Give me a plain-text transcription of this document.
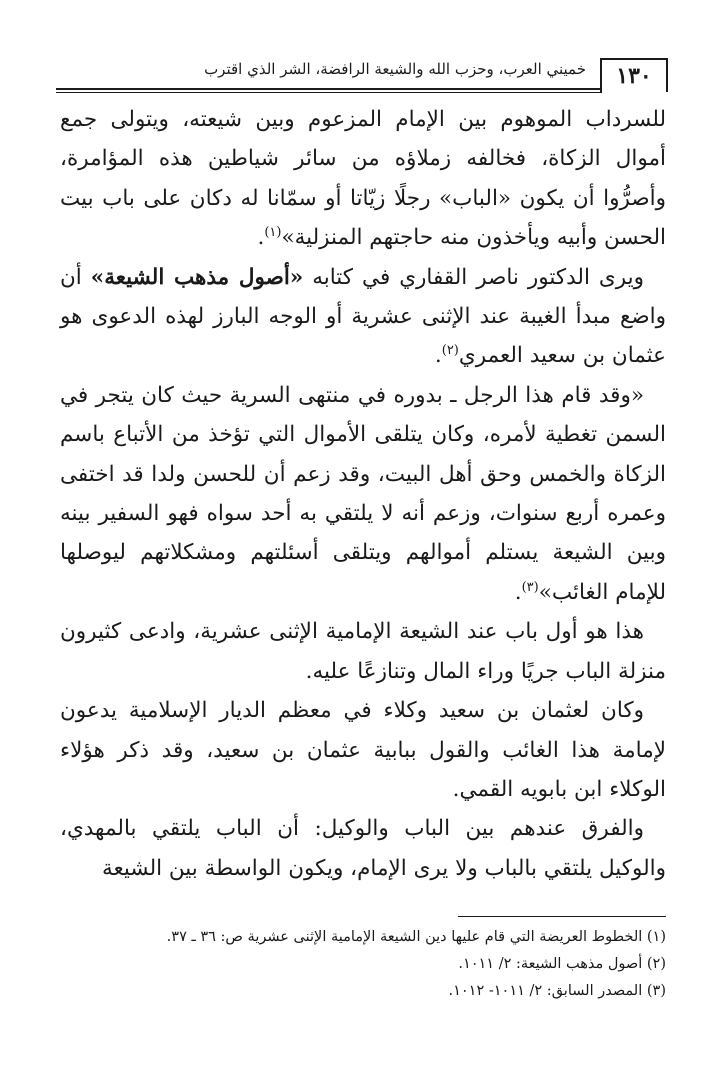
١٣٠
خميني العرب، وحزب الله والشيعة الرافضة، الشر الذي اقترب

للسرداب الموهوم بين الإمام المزعوم وبين شيعته، ويتولى جمع أموال الزكاة، فخالفه زملاؤه من سائر شياطين هذه المؤامرة، وأصرُّوا أن يكون «الباب» رجلًا زيّاتا أو سمّانا له دكان على باب بيت الحسن وأبيه ويأخذون منه حاجتهم المنزلية»$^{(١)}$.

ويرى الدكتور ناصر القفاري في كتابه «أصول مذهب الشيعة» أن واضع مبدأ الغيبة عند الإثنى عشرية أو الوجه البارز لهذه الدعوى هو عثمان بن سعيد العمري$^{(٢)}$.

«وقد قام هذا الرجل ـ بدوره في منتهى السرية حيث كان يتجر في السمن تغطية لأمره، وكان يتلقى الأموال التي تؤخذ من الأتباع باسم الزكاة والخمس وحق أهل البيت، وقد زعم أن للحسن ولدا قد اختفى وعمره أربع سنوات، وزعم أنه لا يلتقي به أحد سواه فهو السفير بينه وبين الشيعة يستلم أموالهم ويتلقى أسئلتهم ومشكلاتهم ليوصلها للإمام الغائب»$^{(٣)}$.

هذا هو أول باب عند الشيعة الإمامية الإثنى عشرية، وادعى كثيرون منزلة الباب جريًا وراء المال وتنازعًا عليه.

وكان لعثمان بن سعيد وكلاء في معظم الديار الإسلامية يدعون لإمامة هذا الغائب والقول ببابية عثمان بن سعيد، وقد ذكر هؤلاء الوكلاء ابن بابويه القمي.

والفرق عندهم بين الباب والوكيل: أن الباب يلتقي بالمهدي، والوكيل يلتقي بالباب ولا يرى الإمام، ويكون الواسطة بين الشيعة

(١) الخطوط العريضة التي قام عليها دين الشيعة الإمامية الإثنى عشرية ص: ٣٦ ـ ٣٧.
(٢) أصول مذهب الشيعة: ٢/ ١٠١١.
(٣) المصدر السابق: ٢/ ١٠١١- ١٠١٢.
